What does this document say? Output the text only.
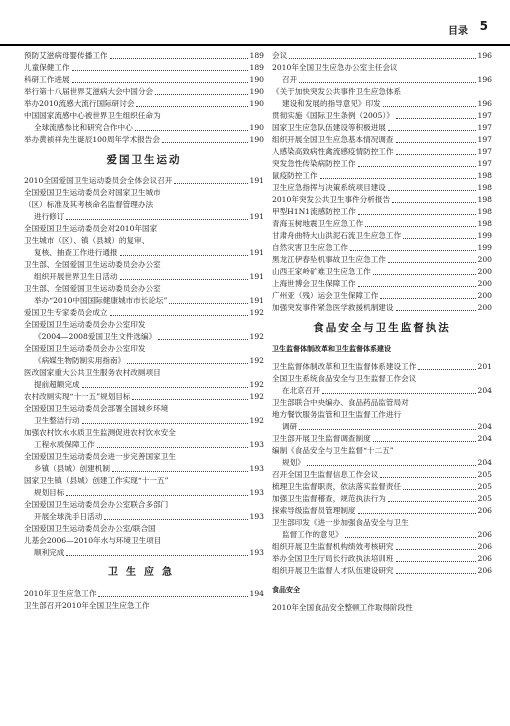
目录 5
预防艾滋病母婴传播工作	189
儿童保健工作	189
科研工作进展	190
举行第十八届世界艾滋病大会中国分会	190
举办2010流感大流行国际研讨会	190
中国国家流感中心被世界卫生组织任命为
全球流感参比和研究合作中心	190
举办黄祯祥先生诞辰100周年学术报告会	190
爱国卫生运动
2010全国爱国卫生运动委员会全体会议召开	191
全国爱国卫生运动委员会对国家卫生城市
（区）标准及其考核命名监督管理办法
进行修订	191
全国爱国卫生运动委员会对2010年国家
卫生城市（区）、镇（县城）的复审、
复核、抽查工作进行通报	191
卫生部、全国爱国卫生运动委员会办公室
组织开展世界卫生日活动	191
卫生部、全国爱国卫生运动委员会办公室
举办“2010中国国际健康城市市长论坛”	191
爱国卫生专家委员会成立	192
全国爱国卫生运动委员会办公室印发
《2004—2008爱国卫生文件选编》	192
全国爱国卫生运动委员会办公室印发
《病媒生物防制实用指南》	192
医改国家重大公共卫生服务农村改厕项目
提前超额完成	192
农村改厕实现“十一五”规划目标	192
全国爱国卫生运动委员会部署全国城乡环境
卫生整洁行动	192
加强农村饮水水质卫生监测促进农村饮水安全
工程水质保障工作	193
全国爱国卫生运动委员会进一步完善国家卫生
乡镇（县城）创建机制	193
国家卫生镇（县城）创建工作实现“十一五”
规划目标	193
全国爱国卫生运动委员会办公室联合多部门
开展全球洗手日活动	193
全国爱国卫生运动委员会办公室/联合国
儿基会2006—2010年水与环境卫生项目
顺利完成	193
卫生应急
2010年卫生应急工作	194
卫生部召开2010年全国卫生应急工作
会议	196
2010年全国卫生应急办公室主任会议
召开	196
《关于加快突发公共事件卫生应急体系
建设和发展的指导意见》印发	196
贯彻实施《国际卫生条例（2005）》	197
国家卫生应急队伍建设等积极进展	197
组织开展全国卫生应急基本情况调查	197
人感染高致病性禽流感疫情防控工作	197
突发急性传染病防控工作	197
鼠疫防控工作	198
卫生应急指挥与决策系统项目建设	198
2010年突发公共卫生事件分析报告	198
甲型H1N1流感防控工作	198
青海玉树地震卫生应急工作	198
甘肃舟曲特大山洪泥石流卫生应急工作	199
自然灾害卫生应急工作	199
黑龙江伊春坠机事故卫生应急工作	200
山西王家岭矿难卫生应急工作	200
上海世博会卫生保障工作	200
广州亚（残）运会卫生保障工作	200
加强突发事件紧急医学救援机制建设	200
食品安全与卫生监督执法
卫生监督体制改革和卫生监督体系建设
卫生监督体制改革和卫生监督体系建设工作	201
全国卫生系统食品安全与卫生监督工作会议
在北京召开	204
卫生部联合中央编办、食品药品监管局对
地方餐饮服务监管和卫生监督工作进行
调研	204
卫生部开展卫生监督调查制度	204
编制《食品安全与卫生监督“十二五”
规划》	204
召开全国卫生监督信息工作会议	205
梳理卫生监督职责，依法落实监督责任	205
加强卫生监督稽查，规范执法行为	205
探索导级监督员管理制度	206
卫生部印发《进一步加强食品安全与卫生
监督工作的意见》	206
组织开展卫生监督机构绩效考核研究	206
举办全国卫生厅局长行政执法培训班	206
组织开展卫生监督人才队伍建设研究	206
食品安全
2010年全国食品安全整顿工作取得阶段性
